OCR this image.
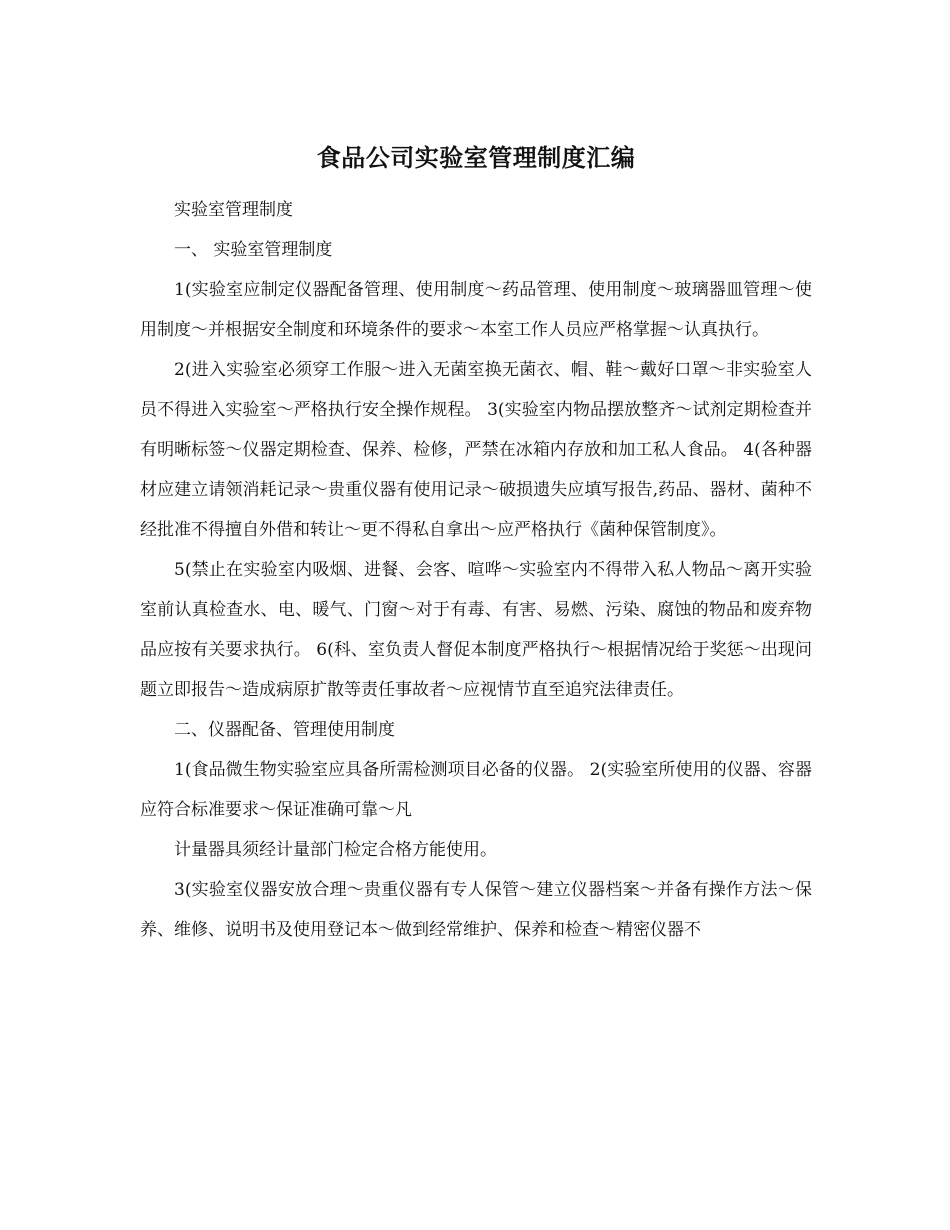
食品公司实验室管理制度汇编

实验室管理制度

一、 实验室管理制度

1(实验室应制定仪器配备管理、使用制度～药品管理、使用制度～玻璃器皿管理～使用制度～并根据安全制度和环境条件的要求～本室工作人员应严格掌握～认真执行。

2(进入实验室必须穿工作服～进入无菌室换无菌衣、帽、鞋～戴好口罩～非实验室人员不得进入实验室～严格执行安全操作规程。 3(实验室内物品摆放整齐～试剂定期检查并有明晰标签～仪器定期检查、保养、检修，严禁在冰箱内存放和加工私人食品。 4(各种器材应建立请领消耗记录～贵重仪器有使用记录～破损遗失应填写报告,药品、器材、菌种不经批准不得擅自外借和转让～更不得私自拿出～应严格执行《菌种保管制度》。

5(禁止在实验室内吸烟、进餐、会客、喧哗～实验室内不得带入私人物品～离开实验室前认真检查水、电、暖气、门窗～对于有毒、有害、易燃、污染、腐蚀的物品和废弃物品应按有关要求执行。 6(科、室负责人督促本制度严格执行～根据情况给于奖惩～出现问题立即报告～造成病原扩散等责任事故者～应视情节直至追究法律责任。

二、仪器配备、管理使用制度

1(食品微生物实验室应具备所需检测项目必备的仪器。 2(实验室所使用的仪器、容器应符合标准要求～保证准确可靠～凡

计量器具须经计量部门检定合格方能使用。

3(实验室仪器安放合理～贵重仪器有专人保管～建立仪器档案～并备有操作方法～保养、维修、说明书及使用登记本～做到经常维护、保养和检查～精密仪器不
